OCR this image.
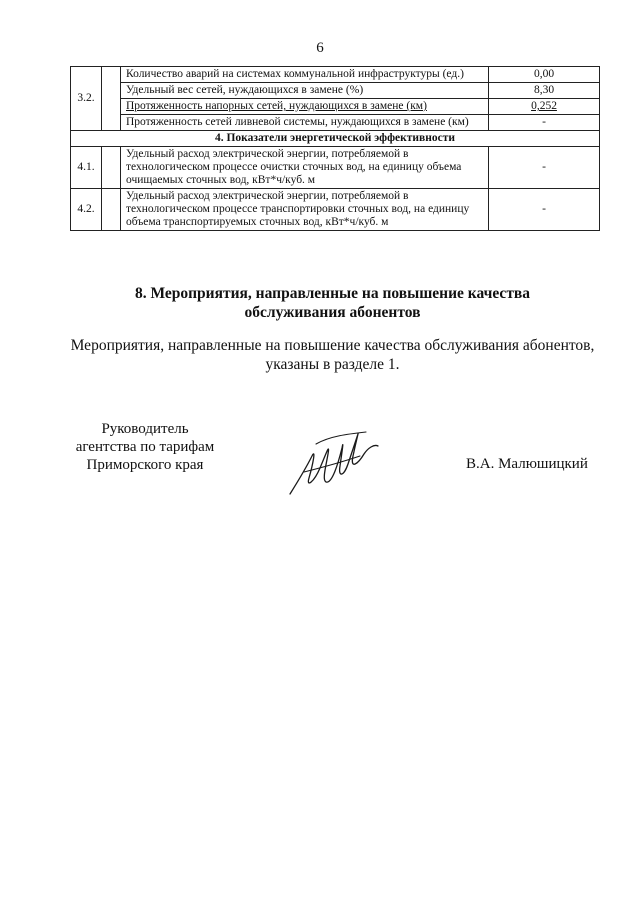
6
3.2.		Количество аварий на системах коммунальной инфраструктуры (ед.)	0,00
		Удельный вес сетей, нуждающихся в замене (%)	8,30
		Протяженность напорных сетей, нуждающихся в замене (км)	0,252
		Протяженность сетей ливневой системы, нуждающихся в замене (км)	-
4. Показатели энергетической эффективности			
4.1.		Удельный расход электрической энергии, потребляемой в технологическом процессе очистки сточных вод, на единицу объема очищаемых сточных вод, кВт*ч/куб. м	-
4.2.		Удельный расход электрической энергии, потребляемой в технологическом процессе транспортировки сточных вод, на единицу объема транспортируемых сточных вод, кВт*ч/куб. м	-
8. Мероприятия, направленные на повышение качества
обслуживания абонентов
Мероприятия, направленные на повышение качества обслуживания абонентов,
указаны в разделе 1.
Руководитель
агентства по тарифам
Приморского края	В.А. Малюшицкий
